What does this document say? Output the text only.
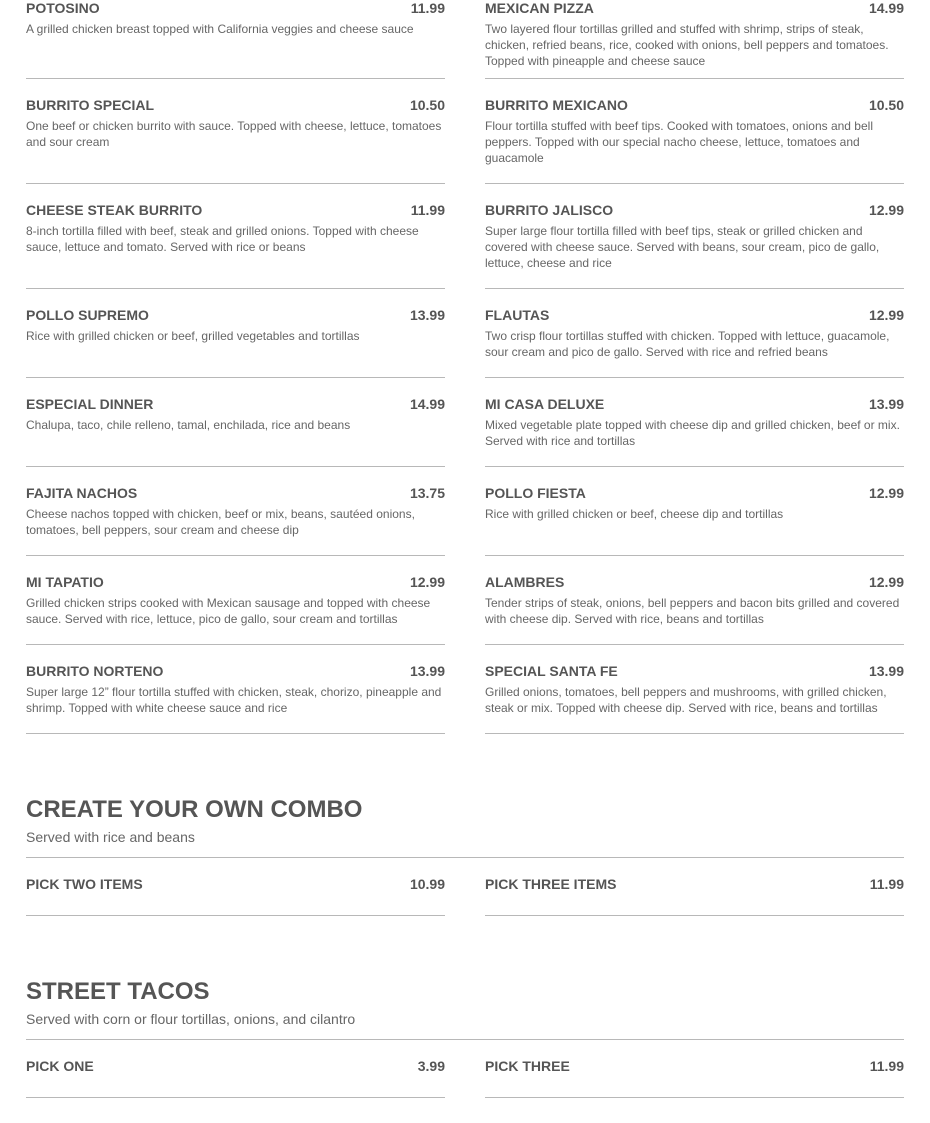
POTOSINO	11.99
A grilled chicken breast topped with California veggies and cheese sauce
MEXICAN PIZZA	14.99
Two layered flour tortillas grilled and stuffed with shrimp, strips of steak, chicken, refried beans, rice, cooked with onions, bell peppers and tomatoes. Topped with pineapple and cheese sauce
BURRITO SPECIAL	10.50
One beef or chicken burrito with sauce. Topped with cheese, lettuce, tomatoes and sour cream
BURRITO MEXICANO	10.50
Flour tortilla stuffed with beef tips. Cooked with tomatoes, onions and bell peppers. Topped with our special nacho cheese, lettuce, tomatoes and guacamole
CHEESE STEAK BURRITO	11.99
8-inch tortilla filled with beef, steak and grilled onions. Topped with cheese sauce, lettuce and tomato. Served with rice or beans
BURRITO JALISCO	12.99
Super large flour tortilla filled with beef tips, steak or grilled chicken and covered with cheese sauce. Served with beans, sour cream, pico de gallo, lettuce, cheese and rice
POLLO SUPREMO	13.99
Rice with grilled chicken or beef, grilled vegetables and tortillas
FLAUTAS	12.99
Two crisp flour tortillas stuffed with chicken. Topped with lettuce, guacamole, sour cream and pico de gallo. Served with rice and refried beans
ESPECIAL DINNER	14.99
Chalupa, taco, chile relleno, tamal, enchilada, rice and beans
MI CASA DELUXE	13.99
Mixed vegetable plate topped with cheese dip and grilled chicken, beef or mix. Served with rice and tortillas
FAJITA NACHOS	13.75
Cheese nachos topped with chicken, beef or mix, beans, sautéed onions, tomatoes, bell peppers, sour cream and cheese dip
POLLO FIESTA	12.99
Rice with grilled chicken or beef, cheese dip and tortillas
MI TAPATIO	12.99
Grilled chicken strips cooked with Mexican sausage and topped with cheese sauce. Served with rice, lettuce, pico de gallo, sour cream and tortillas
ALAMBRES	12.99
Tender strips of steak, onions, bell peppers and bacon bits grilled and covered with cheese dip. Served with rice, beans and tortillas
BURRITO NORTENO	13.99
Super large 12” flour tortilla stuffed with chicken, steak, chorizo, pineapple and shrimp. Topped with white cheese sauce and rice
SPECIAL SANTA FE	13.99
Grilled onions, tomatoes, bell peppers and mushrooms, with grilled chicken, steak or mix. Topped with cheese dip. Served with rice, beans and tortillas
CREATE YOUR OWN COMBO
Served with rice and beans
PICK TWO ITEMS	10.99	PICK THREE ITEMS	11.99
STREET TACOS
Served with corn or flour tortillas, onions, and cilantro
PICK ONE	3.99	PICK THREE	11.99
